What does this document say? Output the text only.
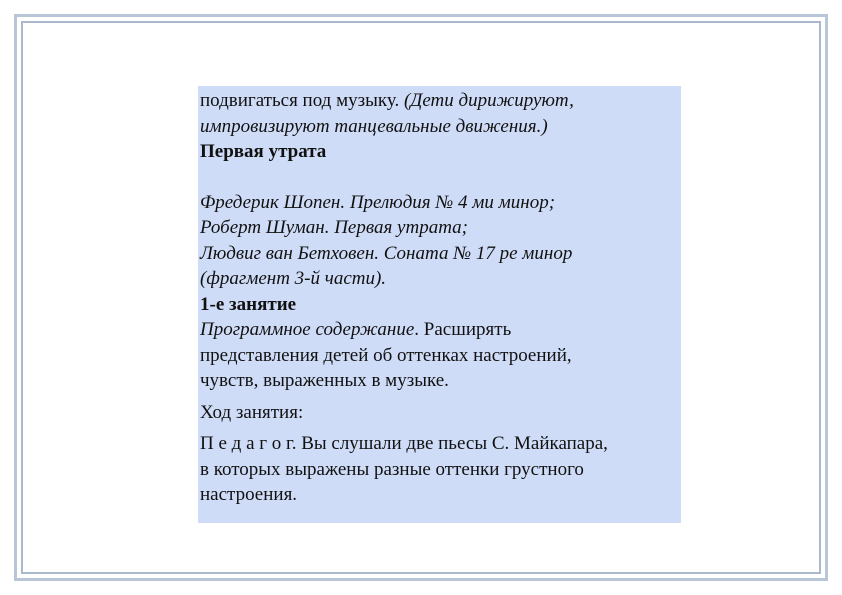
подвигаться под музыку. (Дети дирижируют,
импровизируют танцевальные движения.)
Первая утрата
Фредерик Шопен. Прелюдия № 4 ми минор;
Роберт Шуман. Первая утрата;
Людвиг ван Бетховен. Соната № 17 ре минор
(фрагмент 3-й части).
1-е занятие
Программное содержание. Расширять
представления детей об оттенках настроений,
чувств, выраженных в музыке.
Ход занятия:
П е д а г о г. Вы слушали две пьесы С. Майкапара,
в которых выражены разные оттенки грустного
настроения.
